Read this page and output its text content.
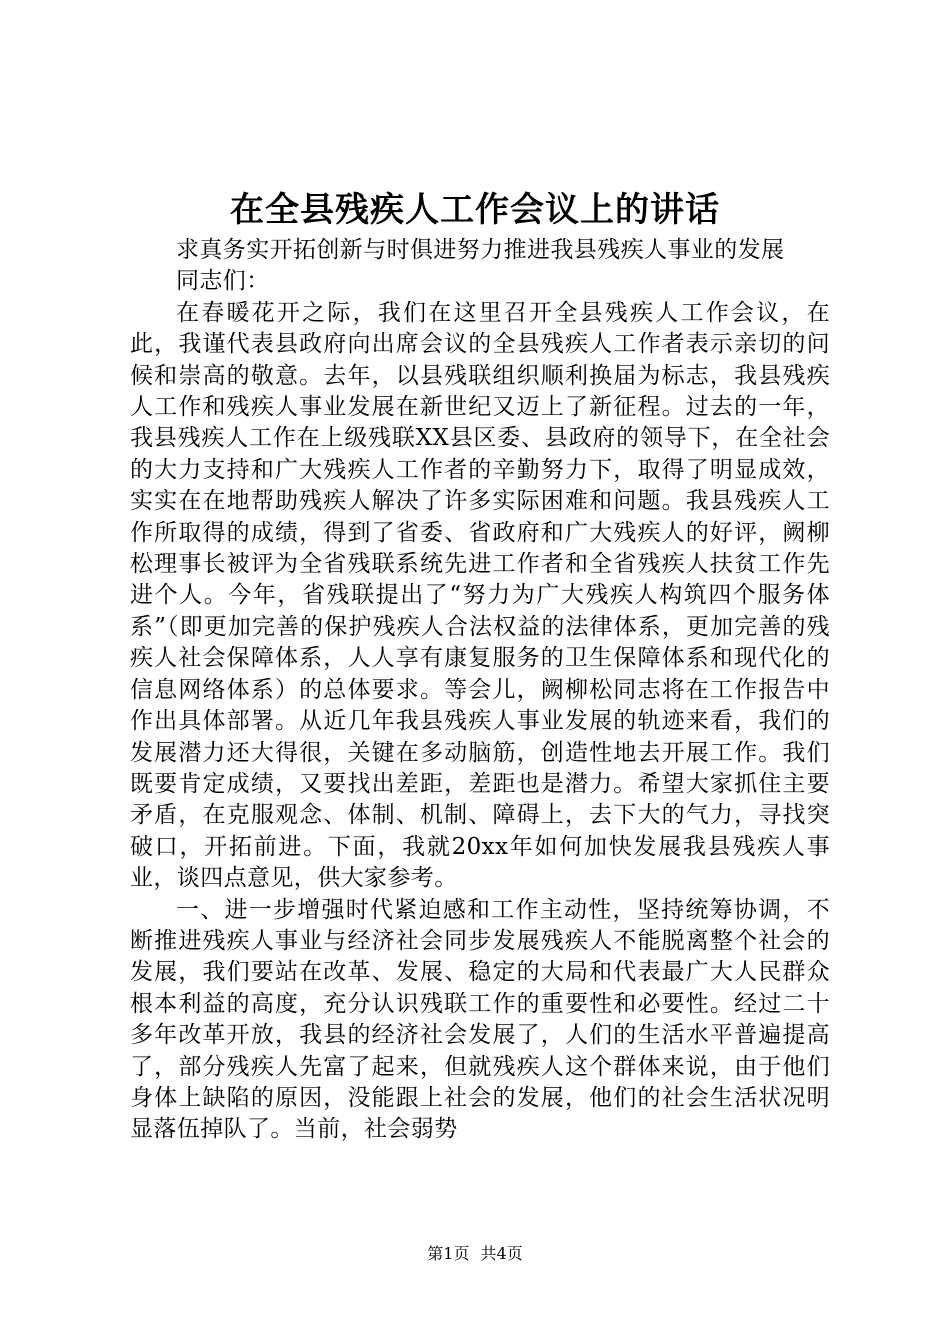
在全县残疾人工作会议上的讲话

求真务实开拓创新与时俱进努力推进我县残疾人事业的发展

同志们：

在春暖花开之际，我们在这里召开全县残疾人工作会议，在此，我谨代表县政府向出席会议的全县残疾人工作者表示亲切的问候和崇高的敬意。去年，以县残联组织顺利换届为标志，我县残疾人工作和残疾人事业发展在新世纪又迈上了新征程。过去的一年，我县残疾人工作在上级残联XX县区委、县政府的领导下，在全社会的大力支持和广大残疾人工作者的辛勤努力下，取得了明显成效，实实在在地帮助残疾人解决了许多实际困难和问题。我县残疾人工作所取得的成绩，得到了省委、省政府和广大残疾人的好评，阙柳松理事长被评为全省残联系统先进工作者和全省残疾人扶贫工作先进个人。今年，省残联提出了“努力为广大残疾人构筑四个服务体系”（即更加完善的保护残疾人合法权益的法律体系，更加完善的残疾人社会保障体系，人人享有康复服务的卫生保障体系和现代化的信息网络体系）的总体要求。等会儿，阙柳松同志将在工作报告中作出具体部署。从近几年我县残疾人事业发展的轨迹来看，我们的发展潜力还大得很，关键在多动脑筋，创造性地去开展工作。我们既要肯定成绩，又要找出差距，差距也是潜力。希望大家抓住主要矛盾，在克服观念、体制、机制、障碍上，去下大的气力，寻找突破口，开拓前进。下面，我就20xx年如何加快发展我县残疾人事业，谈四点意见，供大家参考。

一、进一步增强时代紧迫感和工作主动性，坚持统筹协调，不断推进残疾人事业与经济社会同步发展残疾人不能脱离整个社会的发展，我们要站在改革、发展、稳定的大局和代表最广大人民群众根本利益的高度，充分认识残联工作的重要性和必要性。经过二十多年改革开放，我县的经济社会发展了，人们的生活水平普遍提高了，部分残疾人先富了起来，但就残疾人这个群体来说，由于他们身体上缺陷的原因，没能跟上社会的发展，他们的社会生活状况明显落伍掉队了。当前，社会弱势

第1页 共4页
